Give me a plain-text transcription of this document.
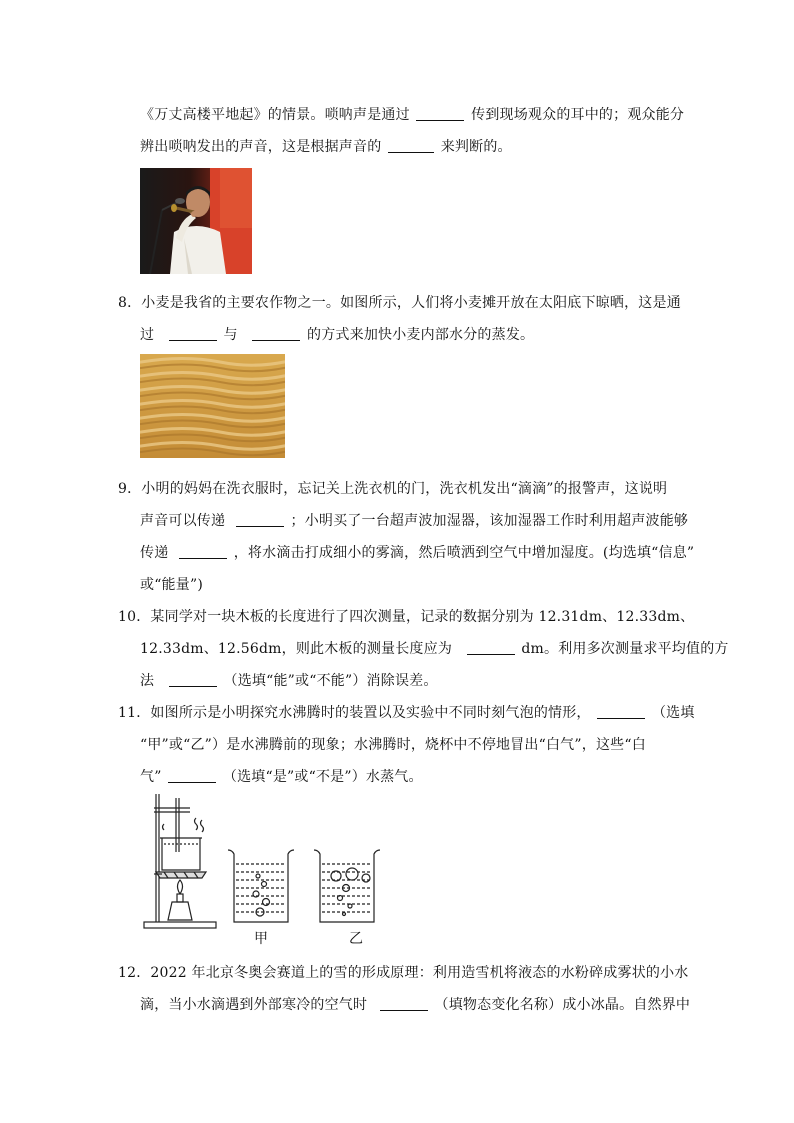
《万丈高楼平地起》的情景。唢呐声是通过	传到现场观众的耳中的；观众能分
辨出唢呐发出的声音，这是根据声音的	来判断的。
8．小麦是我省的主要农作物之一。如图所示，人们将小麦摊开放在太阳底下晾晒，这是通
过	与	的方式来加快小麦内部水分的蒸发。
9．小明的妈妈在洗衣服时，忘记关上洗衣机的门，洗衣机发出“滴滴”的报警声，这说明
声音可以传递	；小明买了一台超声波加湿器，该加湿器工作时利用超声波能够
传递	，将水滴击打成细小的雾滴，然后喷洒到空气中增加湿度。(均选填“信息”
或“能量”)
10．某同学对一块木板的长度进行了四次测量，记录的数据分别为 12.31dm、12.33dm、
12.33dm、12.56dm，则此木板的测量长度应为	dm。利用多次测量求平均值的方
法	（选填“能”或“不能”）消除误差。
11．如图所示是小明探究水沸腾时的装置以及实验中不同时刻气泡的情形，	（选填
“甲”或“乙”）是水沸腾前的现象；水沸腾时，烧杯中不停地冒出“白气”，这些“白
气”	（选填“是”或“不是”）水蒸气。
甲	乙
12．2022 年北京冬奥会赛道上的雪的形成原理：利用造雪机将液态的水粉碎成雾状的小水
滴，当小水滴遇到外部寒冷的空气时	（填物态变化名称）成小冰晶。自然界中
